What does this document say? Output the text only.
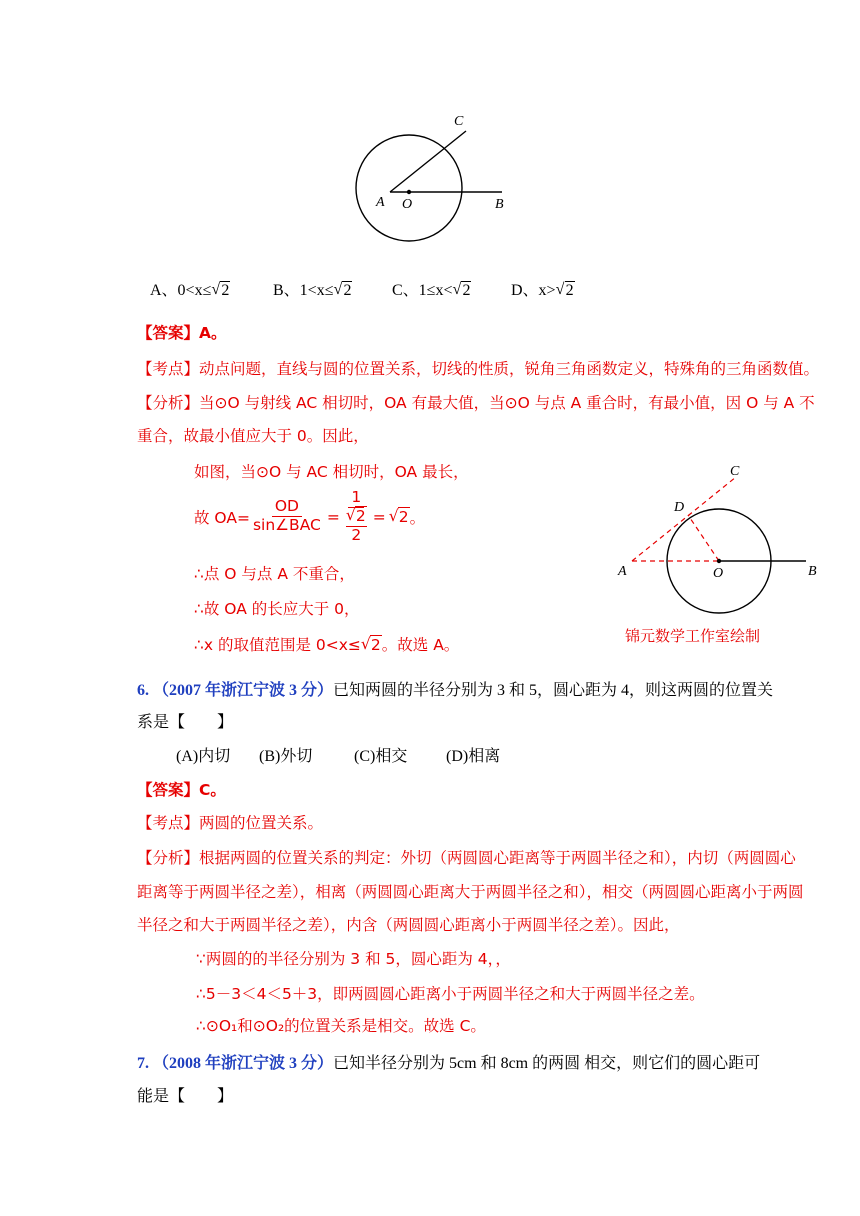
C
A O	B
A、0<x≤ √ 2	B、1<x≤ √ 2	C、1≤x< √ 2	D、x> √ 2
【答案】A。
【考点】动点问题，直线与圆的位置关系，切线的性质，锐角三角函数定义，特殊角的三角函数值。
【分析】当⊙O 与射线 AC 相切时，OA 有最大值，当⊙O 与点 A 重合时，有最小值，因 O 与 A 不
重合，故最小值应大于 0。因此，
如图，当⊙O 与 AC 相切时，OA 最长，
故 $OA= \frac{OD}{\text{sin∠BAC}} = 1$
√ 2
2 = √ 2 。
∴点 O 与点 A 不重合，
∴故 OA 的长应大于 0，
∴x 的取值范围是 0<x≤ √ 2。故选 A。
C
D
A	O	B
锦元数学工作室绘制
6. （2007 年浙江宁波 3 分）已知两圆的半径分别为 3 和 5，圆心距为 4，则这两圆的位置关
系是【　　】
(A)内切 (B)外切	(C)相交 (D)相离
【答案】C。
【考点】两圆的位置关系。
【分析】根据两圆的位置关系的判定：外切（两圆圆心距离等于两圆半径之和），内切（两圆圆心
距离等于两圆半径之差），相离（两圆圆心距离大于两圆半径之和），相交（两圆圆心距离小于两圆
半径之和大于两圆半径之差），内含（两圆圆心距离小于两圆半径之差）。因此，
∵两圆的的半径分别为 3 和 5，圆心距为 4，，
∴5－3＜4＜5＋3，即两圆圆心距离小于两圆半径之和大于两圆半径之差。
∴⊙O₁和⊙O₂的位置关系是相交。故选 C。
7. （2008 年浙江宁波 3 分）已知半径分别为 5cm 和 8cm 的两圆 相交，则它们的圆心距可
能是【　　】
